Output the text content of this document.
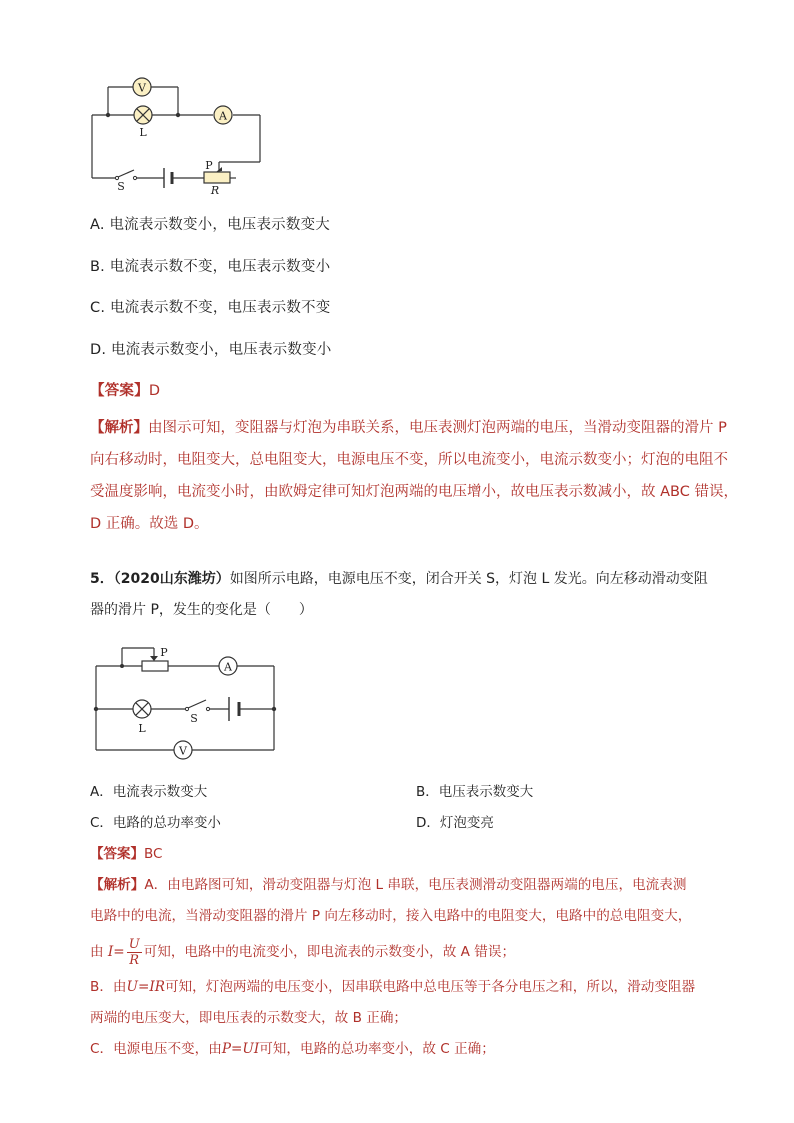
V
L
A
P
R
S
A. 电流表示数变小，电压表示数变大
B. 电流表示数不变，电压表示数变小
C. 电流表示数不变，电压表示数不变
D. 电流表示数变小，电压表示数变小
【答案】D
【解析】由图示可知，变阻器与灯泡为串联关系，电压表测灯泡两端的电压，当滑动变阻器的滑片 P
向右移动时，电阻变大，总电阻变大，电源电压不变，所以电流变小，电流示数变小；灯泡的电阻不
受温度影响，电流变小时，由欧姆定律可知灯泡两端的电压增小，故电压表示数减小，故 ABC 错误，
D 正确。故选 D。
5．（2020山东潍坊）如图所示电路，电源电压不变，闭合开关 S，灯泡 L 发光。向左移动滑动变阻
器的滑片 P，发生的变化是（　　）
P
A
L
S
V
A．电流表示数变大	B．电压表示数变大
C．电路的总功率变小	D．灯泡变亮
【答案】BC
【解析】A．由电路图可知，滑动变阻器与灯泡 L 串联，电压表测滑动变阻器两端的电压，电流表测
电路中的电流，当滑动变阻器的滑片 P 向左移动时，接入电路中的电阻变大，电路中的总电阻变大，
由 $I= \frac{U}{R}$ 可知，电路中的电流变小，即电流表的示数变小，故 A 错误；
B．由U=IR可知，灯泡两端的电压变小，因串联电路中总电压等于各分电压之和，所以，滑动变阻器
两端的电压变大，即电压表的示数变大，故 B 正确；
C．电源电压不变，由P=UI可知，电路的总功率变小，故 C 正确；
